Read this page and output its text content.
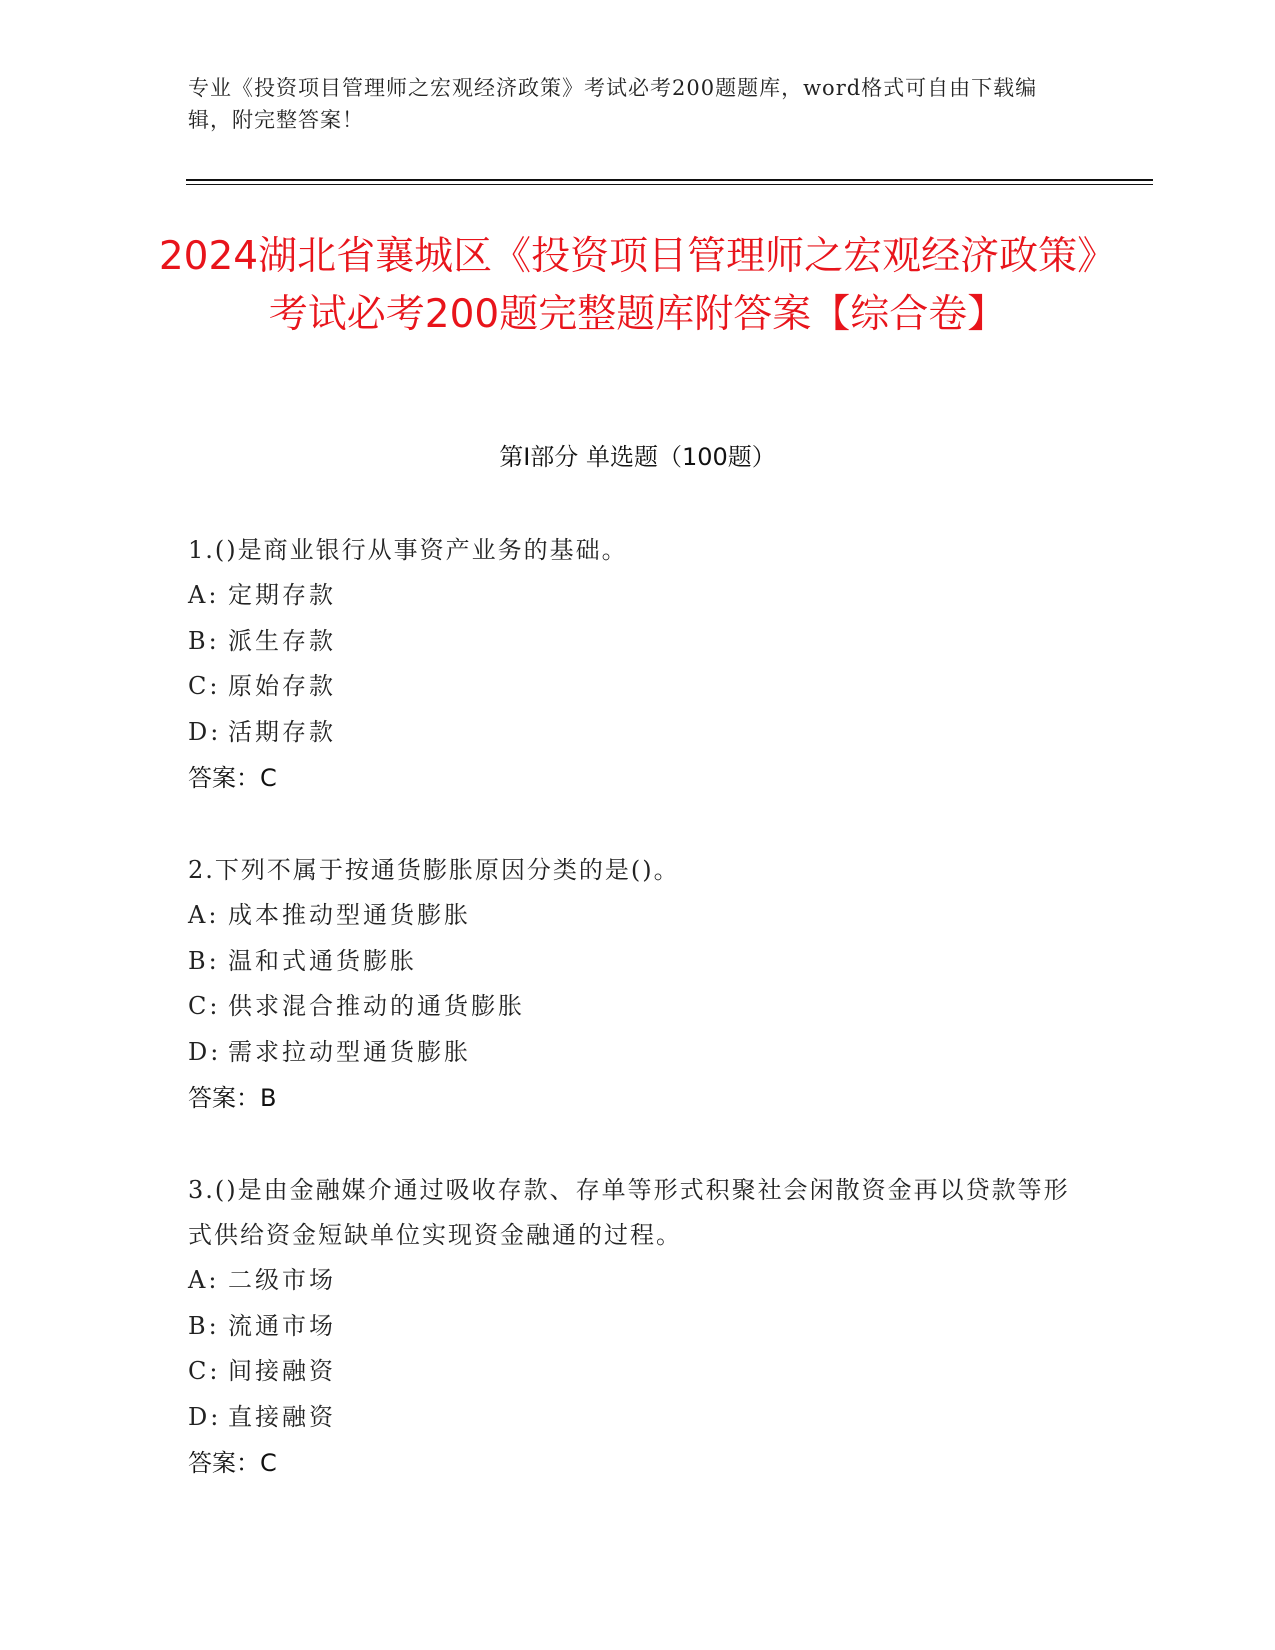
专业《投资项目管理师之宏观经济政策》考试必考200题题库，word格式可自由下载编辑，附完整答案！
2024湖北省襄城区《投资项目管理师之宏观经济政策》考试必考200题完整题库附答案【综合卷】
第I部分 单选题（100题）
1.()是商业银行从事资产业务的基础。
A: 定期存款
B: 派生存款
C: 原始存款
D: 活期存款
答案：C
2.下列不属于按通货膨胀原因分类的是()。
A: 成本推动型通货膨胀
B: 温和式通货膨胀
C: 供求混合推动的通货膨胀
D: 需求拉动型通货膨胀
答案：B
3.()是由金融媒介通过吸收存款、存单等形式积聚社会闲散资金再以贷款等形式供给资金短缺单位实现资金融通的过程。
A: 二级市场
B: 流通市场
C: 间接融资
D: 直接融资
答案：C
